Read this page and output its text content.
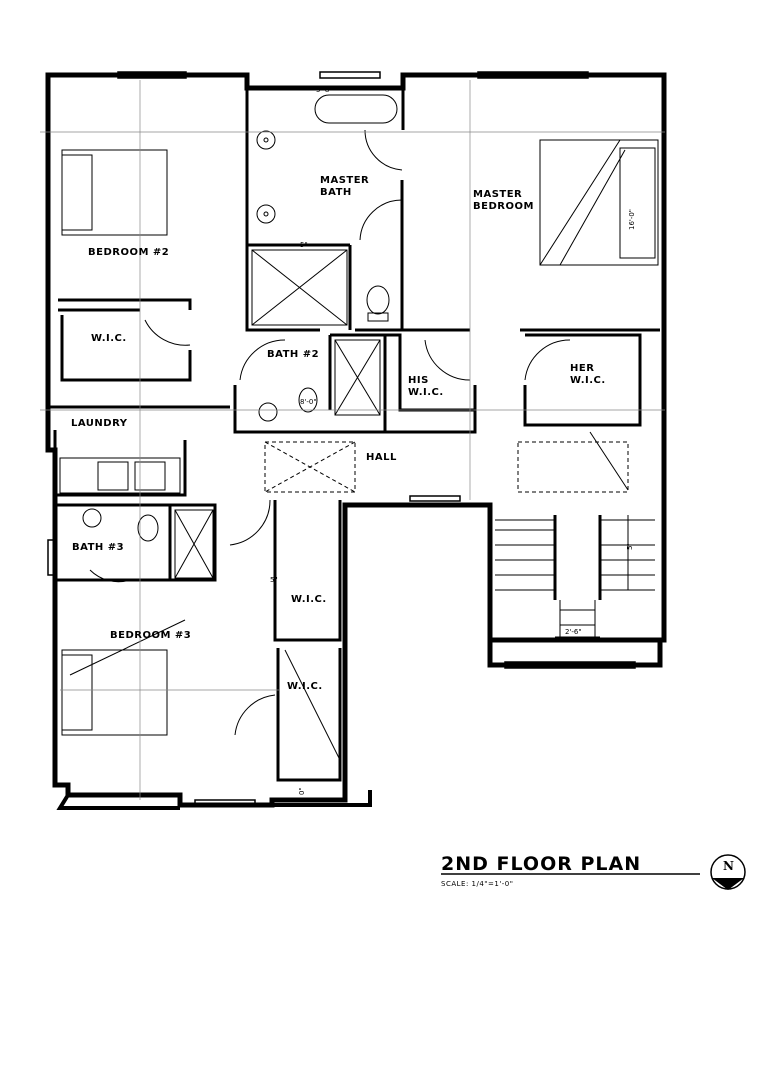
MASTER
BATH	MASTER
BEDROOM
BEDROOM #2
W.I.C.
BATH #2
HIS
W.I.C.
HER
W.I.C.
LAUNDRY
HALL
BATH #3
BEDROOM #3
W.I.C.
W.I.C.
5'-8"
16'-0"
8'-0"
2'-6"
5'
5"
5"
0"
2ND FLOOR PLAN
SCALE: 1/4"=1'-0"
N
